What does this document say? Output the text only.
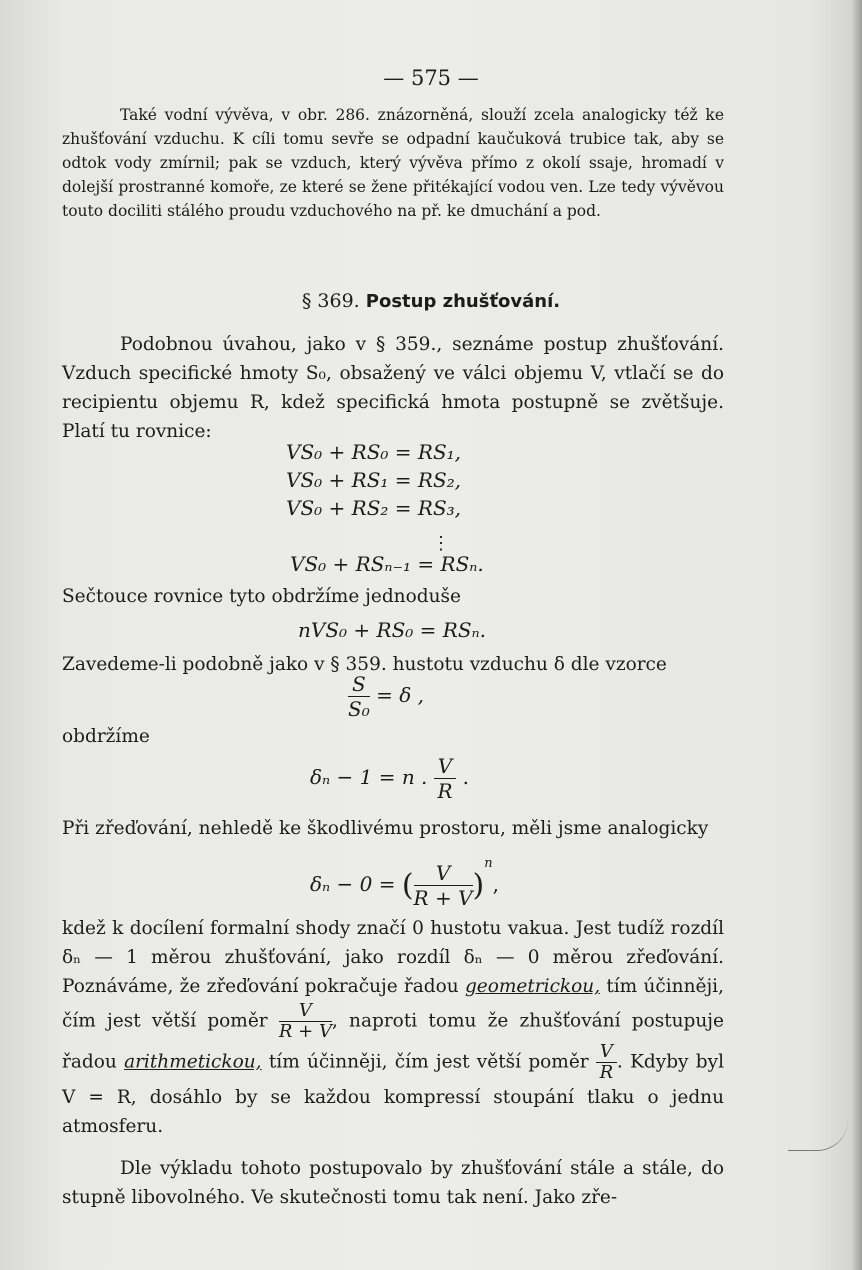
— 575 —

Také vodní vývěva, v obr. 286. znázorněná, slouží zcela analogicky též ke zhušťování vzduchu. K cíli tomu sevře se odpadní kaučuková trubice tak, aby se odtok vody zmírnil; pak se vzduch, který vývěva přímo z okolí ssaje, hromadí v dolejší prostranné komoře, ze které se žene přitékající vodou ven. Lze tedy vývěvou touto dociliti stálého proudu vzduchového na př. ke dmuchání a pod.

§ 369. Postup zhušťování.

Podobnou úvahou, jako v § 359., seznáme postup zhušťování. Vzduch specifické hmoty S₀, obsažený ve válci objemu V, vtlačí se do recipientu objemu R, kdež specifická hmota postupně se zvětšuje. Platí tu rovnice:

VS₀ + RS₀ = RS₁,
VS₀ + RS₁ = RS₂,
VS₀ + RS₂ = RS₃,
⋮
VS₀ + RSₙ₋₁ = RSₙ.

Sečtouce rovnice tyto obdržíme jednoduše

nVS₀ + RS₀ = RSₙ.

Zavedeme-li podobně jako v § 359. hustotu vzduchu δ dle vzorce

$\frac{S}{\text{S₀}} = \delta$ ,

obdržíme

δₙ − 1 = n . $\frac{V}{R}$ .

Při zřeďování, nehledě ke škodlivému prostoru, měli jsme analogicky

δₙ − 0 = ( $\frac{V}{R + V} )^n$,

kdež k docílení formalní shody značí 0 hustotu vakua. Jest tudíž rozdíl δₙ — 1 měrou zhušťování, jako rozdíl δₙ — 0 měrou zřeďování. Poznáváme, že zřeďování pokračuje řadou geometrickou, tím účinněji, čím jest větší poměr $\frac{V}{R + V}$ , naproti tomu že zhušťování postupuje řadou arithmetickou, tím účinněji, čím jest větší poměr $\frac{V}{R}$ . Kdyby byl V = R, dosáhlo by se každou kompressí stoupání tlaku o jednu atmosferu.

Dle výkladu tohoto postupovalo by zhušťování stále a stále, do stupně libovolného. Ve skutečnosti tomu tak není. Jako zře-
